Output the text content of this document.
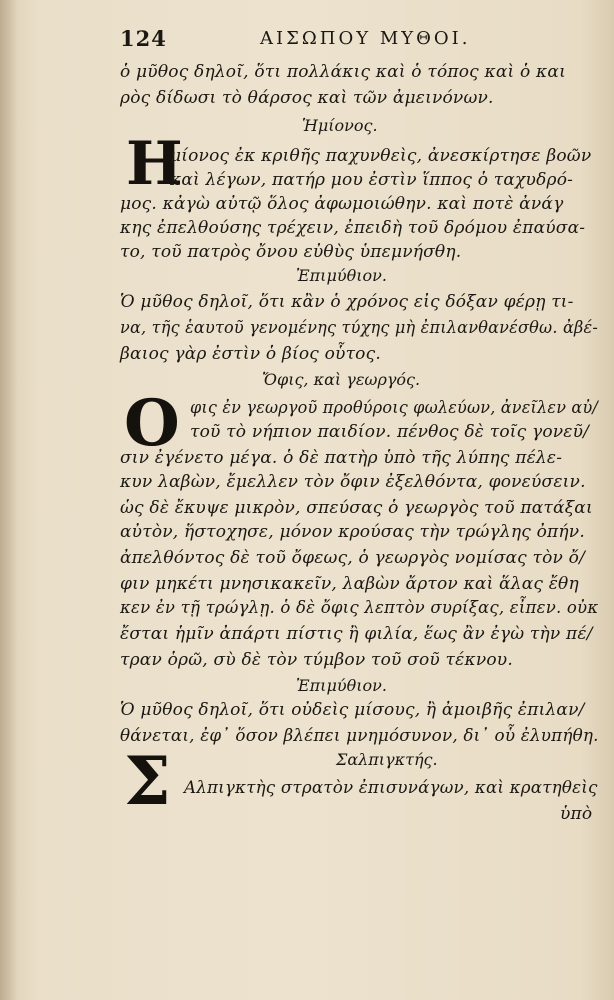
124	ΑΙΣΩΠΟΥ ΜΥΘΟΙ.
ὁ μῦθος δηλοῖ, ὅτι πολλάκις καὶ ὁ τόπος καὶ ὁ και
ρὸς δίδωσι τὸ θάρσος καὶ τῶν ἀμεινόνων.
Ἡμίονος.
Η
μίονος ἐκ κριθῆς παχυνθεὶς, ἀνεσκίρτησε βοῶν
καὶ λέγων, πατήρ μου ἐστὶν ἵππος ὁ ταχυδρό-
μος. κἀγὼ αὐτῷ ὅλος ἀφωμοιώθην. καὶ ποτὲ ἀνάγ
κης ἐπελθούσης τρέχειν, ἐπειδὴ τοῦ δρόμου ἐπαύσα-
το, τοῦ πατρὸς ὄνου εὐθὺς ὑπεμνήσθη.
Ἐπιμύθιον.
Ὁ μῦθος δηλοῖ, ὅτι κἂν ὁ χρόνος εἰς δόξαν φέρῃ τι-
να, τῆς ἑαυτοῦ γενομένης τύχης μὴ ἐπιλανθανέσθω. ἀβέ-
βαιος γὰρ ἐστὶν ὁ βίος οὗτος.
Ὄφις, καὶ γεωργός.
Ο φις ἐν γεωργοῦ προθύροις φωλεύων, ἀνεῖλεν αὐ/
τοῦ τὸ νήπιον παιδίον. πένθος δὲ τοῖς γονεῦ/
σιν ἐγένετο μέγα. ὁ δὲ πατὴρ ὑπὸ τῆς λύπης πέλε-
κυν λαβὼν, ἔμελλεν τὸν ὄφιν ἐξελθόντα, φονεύσειν.
ὡς δὲ ἔκυψε μικρὸν, σπεύσας ὁ γεωργὸς τοῦ πατάξαι
αὐτὸν, ἥστοχησε, μόνον κρούσας τὴν τρώγλης ὀπήν.
ἀπελθόντος δὲ τοῦ ὄφεως, ὁ γεωργὸς νομίσας τὸν ὄ/
φιν μηκέτι μνησικακεῖν, λαβὼν ἄρτον καὶ ἅλας ἔθη
κεν ἐν τῇ τρώγλῃ. ὁ δὲ ὄφις λεπτὸν συρίξας, εἶπεν. οὐκ
ἔσται ἡμῖν ἀπάρτι πίστις ἢ φιλία, ἕως ἂν ἐγὼ τὴν πέ/
τραν ὁρῶ, σὺ δὲ τὸν τύμβον τοῦ σοῦ τέκνου.
Ἐπιμύθιον.
Ὁ μῦθος δηλοῖ, ὅτι οὐδεὶς μίσους, ἢ ἀμοιβῆς ἐπιλαν/
θάνεται, ἐφ᾽ ὅσον βλέπει μνημόσυνον, δι᾽ οὗ ἐλυπήθη.
Σαλπιγκτής.
Σ Αλπιγκτὴς στρατὸν ἐπισυνάγων, καὶ κρατηθεὶς
ὑπὸ
